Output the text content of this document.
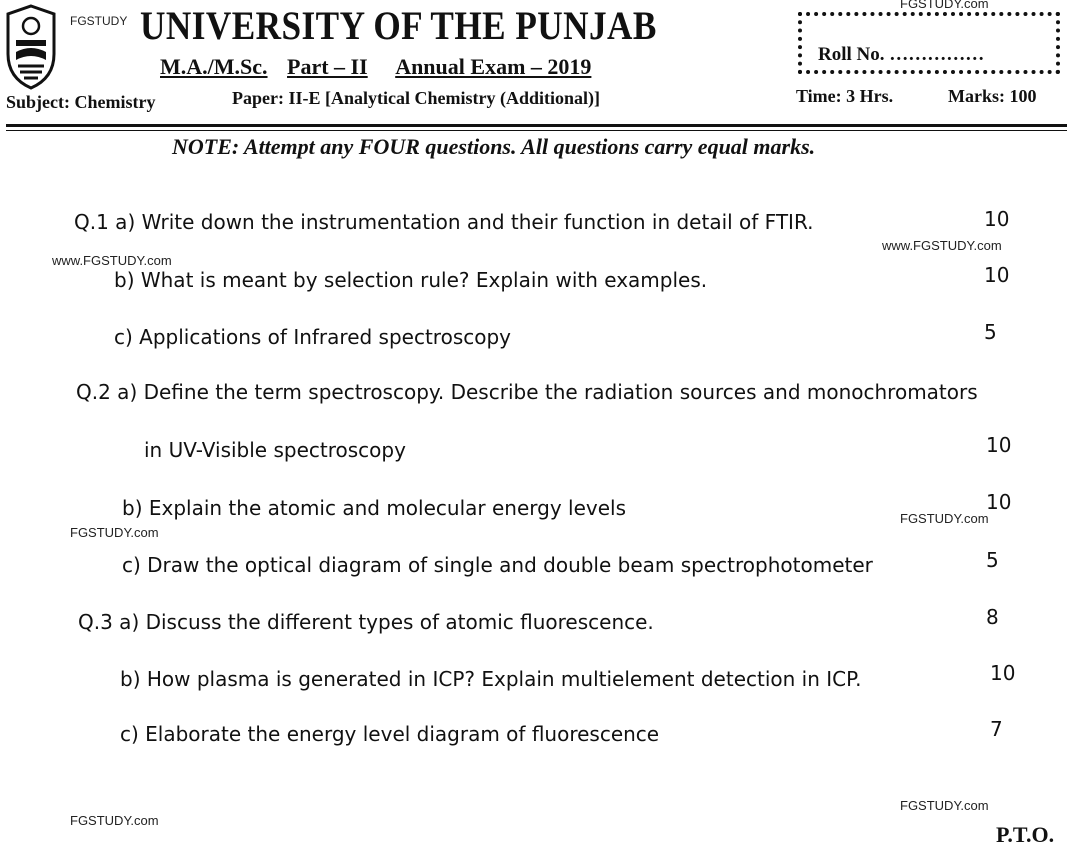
FGSTUDY
FGSTUDY.com
www.FGSTUDY.com
www.FGSTUDY.com
FGSTUDY.com
FGSTUDY.com
FGSTUDY.com
FGSTUDY.com
UNIVERSITY OF THE PUNJAB
M.A./M.Sc. Part – II Annual Exam – 2019
Subject: Chemistry	Paper: II-E [Analytical Chemistry (Additional)]	Time: 3 Hrs.	Marks: 100
Roll No. ……………
NOTE: Attempt any FOUR questions. All questions carry equal marks.
Q.1 a) Write down the instrumentation and their function in detail of FTIR.	10
b) What is meant by selection rule? Explain with examples.	10
c) Applications of Infrared spectroscopy	5
Q.2 a) Define the term spectroscopy. Describe the radiation sources and monochromators
in UV-Visible spectroscopy	10
b) Explain the atomic and molecular energy levels	10
c) Draw the optical diagram of single and double beam spectrophotometer	5
Q.3 a) Discuss the different types of atomic fluorescence.	8
b) How plasma is generated in ICP? Explain multielement detection in ICP.	10
c) Elaborate the energy level diagram of fluorescence	7
P.T.O.
